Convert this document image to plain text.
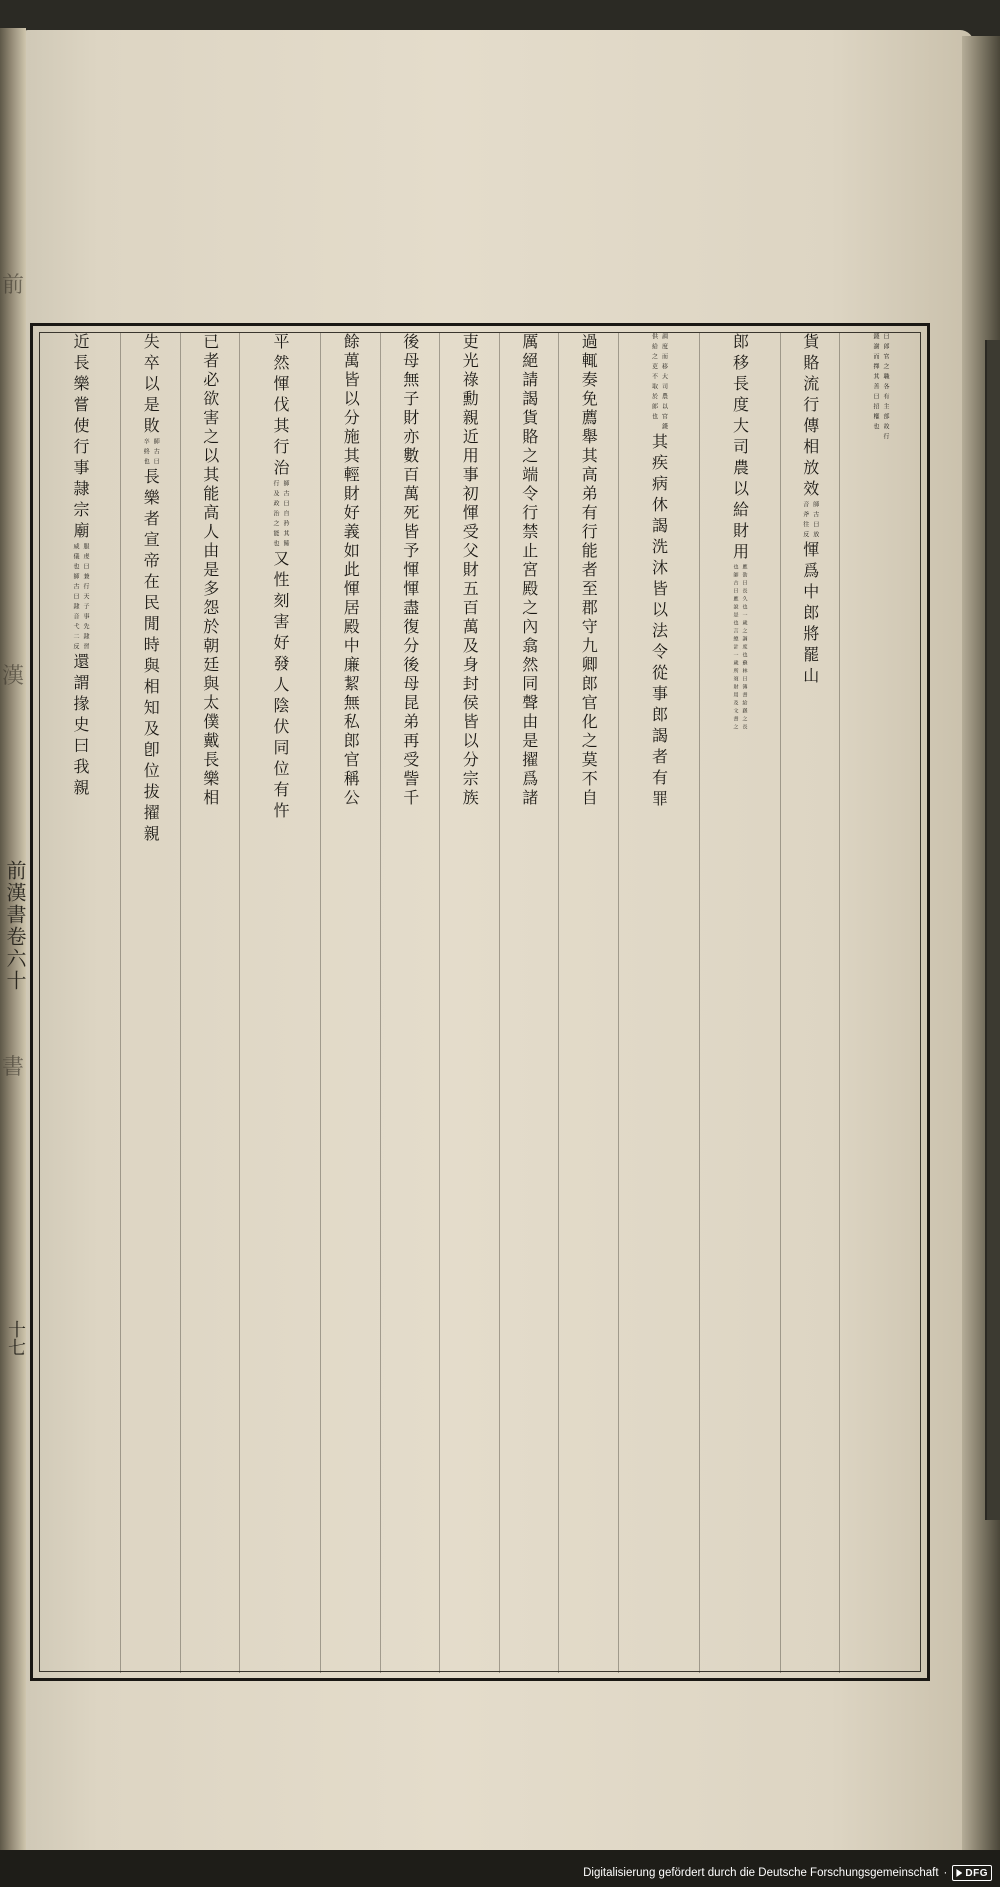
前
漢
書
前漢書卷六十
十七
曰郎官之職各有主部故行
錢謝而擇其善曰招權也
貨賂流行傳相放效
師古曰放
音斧往反
惲爲中郎將罷山
郎移長度大司農以給財用
應劭曰長久也一歲之調度也蘇林曰簿書給繇之長
也師古曰應說是也言總計一歲所須財用及文書之
調度而移大司農以官錢
供給之吏不取於郎也
其疾病休謁洗沐皆以法令從事郎謁者有罪
過輒奏免薦舉其高弟有行能者至郡守九卿郎官化之莫不自
厲絕請謁貨賂之端令行禁止宮殿之內翕然同聲由是擢爲諸
吏光祿勳親近用事初惲受父財五百萬及身封侯皆以分宗族
後母無子財亦數百萬死皆予惲惲盡復分後母昆弟再受訾千
餘萬皆以分施其輕財好義如此惲居殿中廉絜無私郎官稱公
平然惲伐其行治
師古曰自矜其餙
行及政治之能也
又性刻害好發人陰伏同位有忤
已者必欲害之以其能高人由是多怨於朝廷與太僕戴長樂相
失卒以是敗
師古曰
卒終也
長樂者宣帝在民閒時與相知及卽位拔擢親
近長樂嘗使行事隷宗廟
服虔曰兼行天子事先隷習
威儀也師古曰隷音弋二反
還謂掾史曰我親
Digitalisierung gefördert durch die Deutsche Forschungsgemeinschaft · DFG
